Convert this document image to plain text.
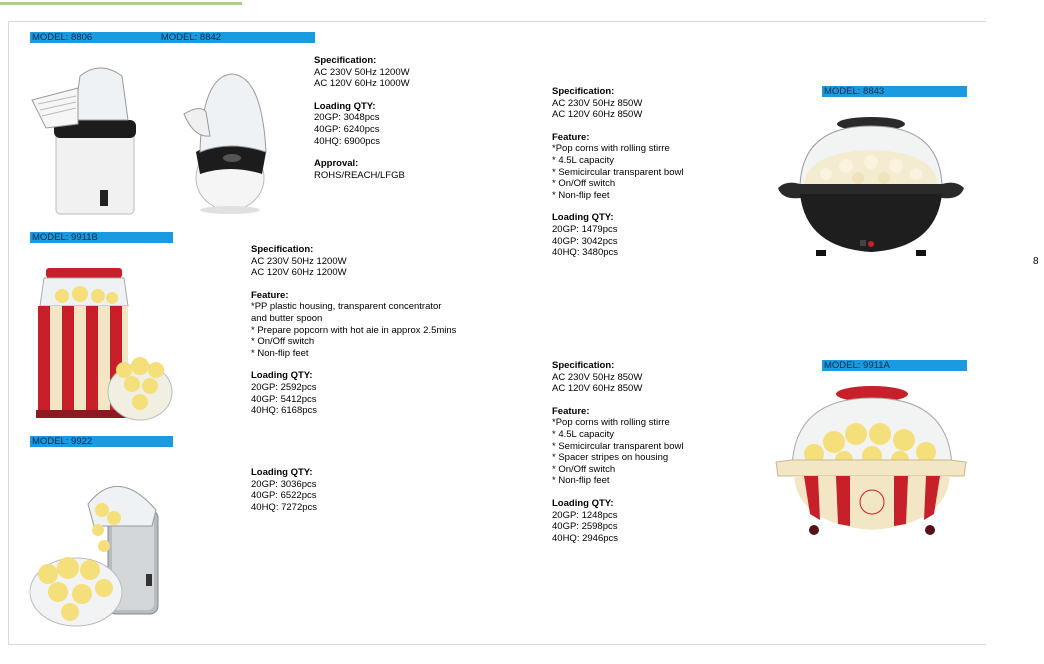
MODEL: 8806	MODEL: 8842
MODEL: 8843
MODEL: 9911B
MODEL: 9922
MODEL: 9911A
Specification:
AC 230V 50Hz 1200W
AC 120V 60Hz 1000W
Loading QTY:
20GP: 3048pcs
40GP: 6240pcs
40HQ: 6900pcs
Approval:
ROHS/REACH/LFGB
Specification:
AC 230V 50Hz 850W
AC 120V 60Hz 850W
Feature:
*Pop corns with rolling stirre
* 4.5L capacity
* Semicircular transparent bowl
* On/Off switch
* Non-flip feet
Loading QTY:
20GP: 1479pcs
40GP: 3042pcs
40HQ: 3480pcs
Specification:
AC 230V 50Hz 1200W
AC 120V 60Hz 1200W
Feature:
*PP plastic housing, transparent concentrator
and butter spoon
* Prepare popcorn with hot aie in approx 2.5mins
* On/Off switch
* Non-flip feet
Loading QTY:
20GP: 2592pcs
40GP: 5412pcs
40HQ: 6168pcs
Loading QTY:
20GP: 3036pcs
40GP: 6522pcs
40HQ: 7272pcs
Specification:
AC 230V 50Hz 850W
AC 120V 60Hz 850W
Feature:
*Pop corns with rolling stirre
* 4.5L capacity
* Semicircular transparent bowl
* Spacer stripes on housing
* On/Off switch
* Non-flip feet
Loading QTY:
20GP: 1248pcs
40GP: 2598pcs
40HQ: 2946pcs
8
